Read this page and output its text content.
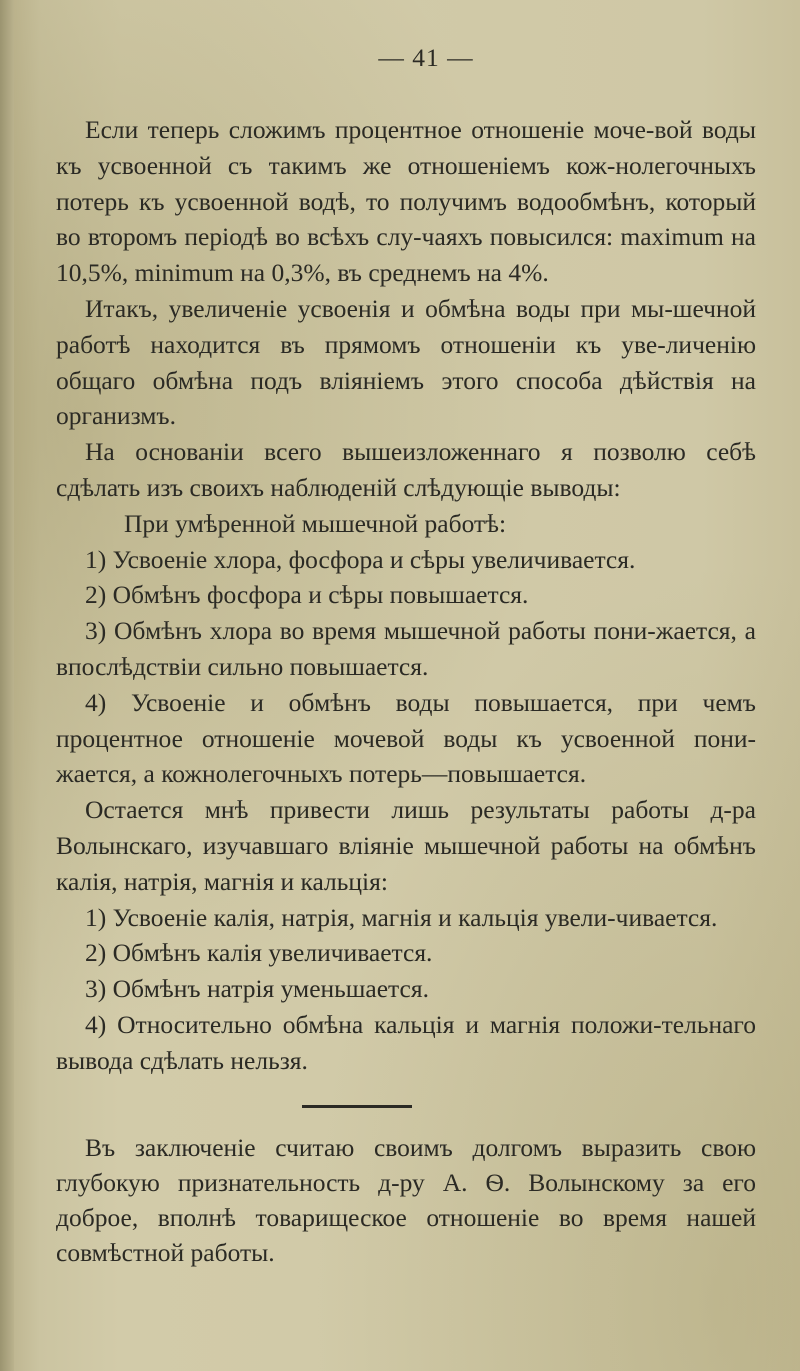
— 41 —

Если теперь сложимъ процентное отношеніе моче-вой воды къ усвоенной съ такимъ же отношеніемъ кож-нолегочныхъ потерь къ усвоенной водѣ, то получимъ водообмѣнъ, который во второмъ періодѣ во всѣхъ слу-чаяхъ повысился: maximum на 10,5%, minimum на 0,3%, въ среднемъ на 4%.

Итакъ, увеличеніе усвоенія и обмѣна воды при мы-шечной работѣ находится въ прямомъ отношеніи къ уве-личенію общаго обмѣна подъ вліяніемъ этого способа дѣйствія на организмъ.

На основаніи всего вышеизложеннаго я позволю себѣ сдѣлать изъ своихъ наблюденій слѣдующіе выводы:

При умѣренной мышечной работѣ:

1) Усвоеніе хлора, фосфора и сѣры увеличивается.

2) Обмѣнъ фосфора и сѣры повышается.

3) Обмѣнъ хлора во время мышечной работы пони-жается, а впослѣдствіи сильно повышается.

4) Усвоеніе и обмѣнъ воды повышается, при чемъ процентное отношеніе мочевой воды къ усвоенной пони-жается, а кожнолегочныхъ потерь—повышается.

Остается мнѣ привести лишь результаты работы д-ра Волынскаго, изучавшаго вліяніе мышечной работы на обмѣнъ калія, натрія, магнія и кальція:

1) Усвоеніе калія, натрія, магнія и кальція увели-чивается.

2) Обмѣнъ калія увеличивается.

3) Обмѣнъ натрія уменьшается.

4) Относительно обмѣна кальція и магнія положи-тельнаго вывода сдѣлать нельзя.

Въ заключеніе считаю своимъ долгомъ выразить свою глубокую признательность д-ру А. Ѳ. Волынскому за его доброе, вполнѣ товарищеское отношеніе во время нашей совмѣстной работы.
